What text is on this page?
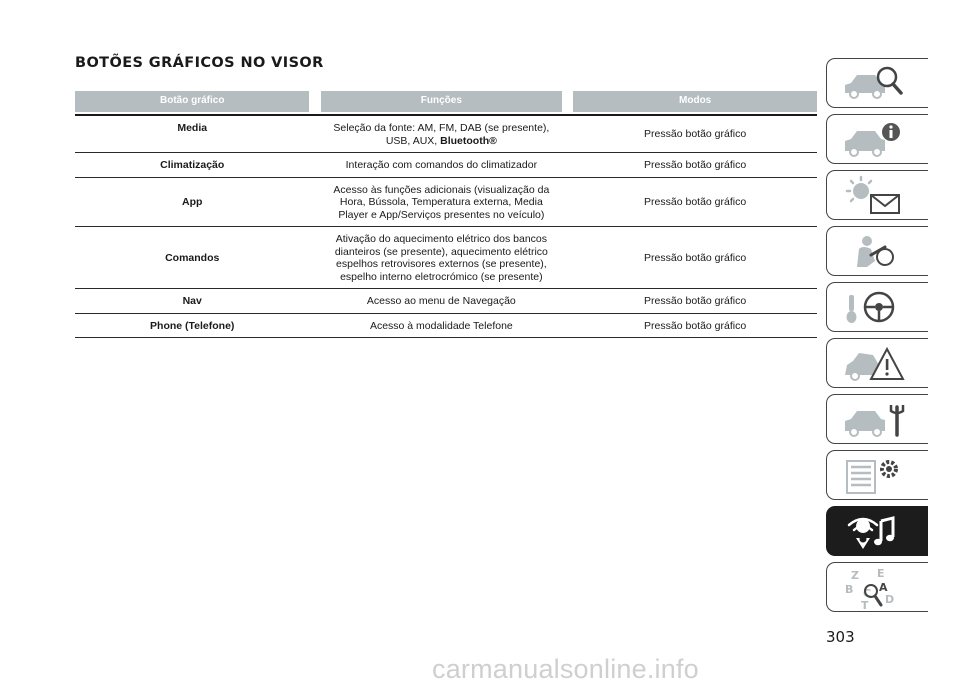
BOTÕES GRÁFICOS NO VISOR
Botão gráfico		Funções		Modos
Media		Seleção da fonte: AM, FM, DAB (se presente), USB, AUX, Bluetooth®		Pressão botão gráfico
Climatização		Interação com comandos do climatizador		Pressão botão gráfico
App		Acesso às funções adicionais (visualização da Hora, Bússola, Temperatura externa, Media Player e App/Serviços presentes no veículo)		Pressão botão gráfico
Comandos		Ativação do aquecimento elétrico dos bancos dianteiros (se presente), aquecimento elétrico espelhos retrovisores externos (se presente), espelho interno eletrocrómico (se presente)		Pressão botão gráfico
Nav		Acesso ao menu de Navegação		Pressão botão gráfico
Phone (Telefone)		Acesso à modalidade Telefone		Pressão botão gráfico
Z E
B A
C D
T
303
carmanualsonline.info
